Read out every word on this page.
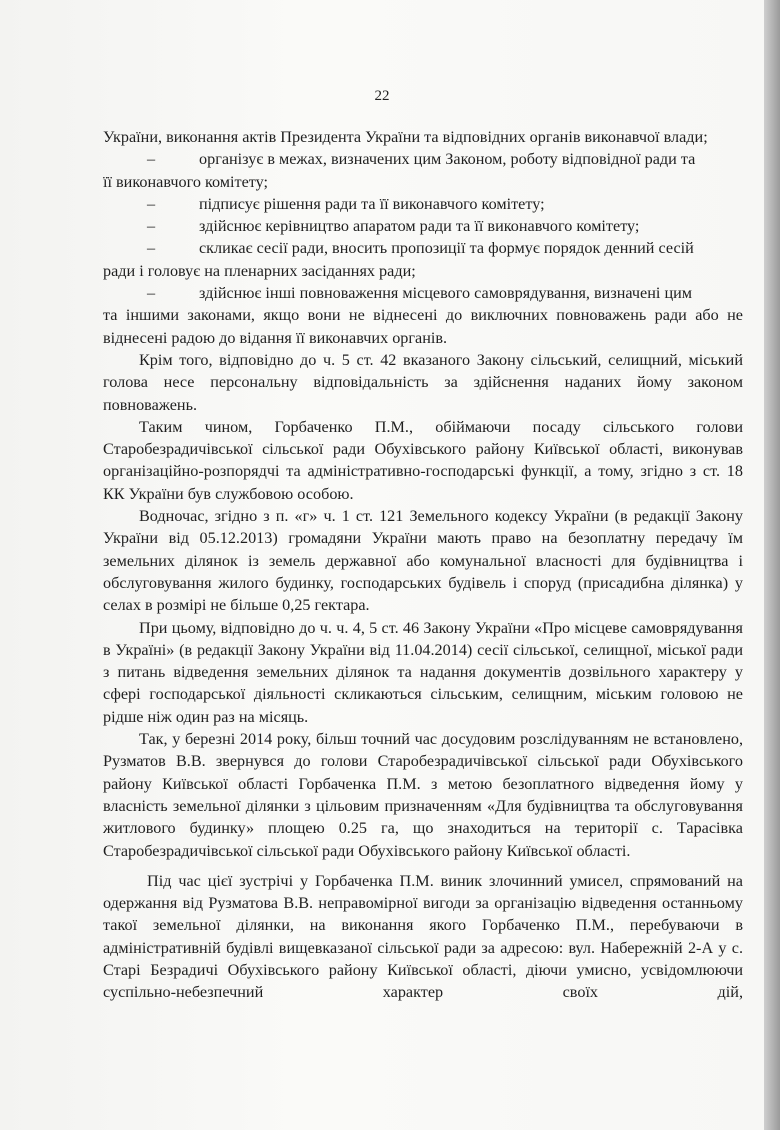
22

України, виконання актів Президента України та відповідних органів виконавчої влади;

–	організує в межах, визначених цим Законом, роботу відповідної ради та

її виконавчого комітету;

–	підписує рішення ради та її виконавчого комітету;
–	здійснює керівництво апаратом ради та її виконавчого комітету;
–	скликає сесії ради, вносить пропозиції та формує порядок денний сесій

ради і головує на пленарних засіданнях ради;

–	здійснює інші повноваження місцевого самоврядування, визначені цим

та іншими законами, якщо вони не віднесені до виключних повноважень ради або не віднесені радою до відання її виконавчих органів.

Крім того, відповідно до ч. 5 ст. 42 вказаного Закону сільський, селищний, міський голова несе персональну відповідальність за здійснення наданих йому законом повноважень.

Таким чином, Горбаченко П.М., обіймаючи посаду сільського голови Старобезрадичівської сільської ради Обухівського району Київської області, виконував організаційно-розпорядчі та адміністративно-господарські функції, а тому, згідно з ст. 18 КК України був службовою особою.

Водночас, згідно з п. «г» ч. 1 ст. 121 Земельного кодексу України (в редакції Закону України від 05.12.2013) громадяни України мають право на безоплатну передачу їм земельних ділянок із земель державної або комунальної власності для будівництва і обслуговування жилого будинку, господарських будівель і споруд (присадибна ділянка) у селах в розмірі не більше 0,25 гектара.

При цьому, відповідно до ч. ч. 4, 5 ст. 46 Закону України «Про місцеве самоврядування в Україні» (в редакції Закону України від 11.04.2014) сесії сільської, селищної, міської ради з питань відведення земельних ділянок та надання документів дозвільного характеру у сфері господарської діяльності скликаються сільським, селищним, міським головою не рідше ніж один раз на місяць.

Так, у березні 2014 року, більш точний час досудовим розслідуванням не встановлено, Рузматов В.В. звернувся до голови Старобезрадичівської сільської ради Обухівського району Київської області Горбаченка П.М. з метою безоплатного відведення йому у власність земельної ділянки з цільовим призначенням «Для будівництва та обслуговування житлового будинку» площею 0.25 га, що знаходиться на території с. Тарасівка Старобезрадичівської сільської ради Обухівського району Київської області.

Під час цієї зустрічі у Горбаченка П.М. виник злочинний умисел, спрямований на одержання від Рузматова В.В. неправомірної вигоди за організацію відведення останньому такої земельної ділянки, на виконання якого Горбаченко П.М., перебуваючи в адміністративній будівлі вищевказаної сільської ради за адресою: вул. Набережній 2-А у с. Старі Безрадичі Обухівського району Київської області, діючи умисно, усвідомлюючи суспільно-небезпечний характер своїх дій,
